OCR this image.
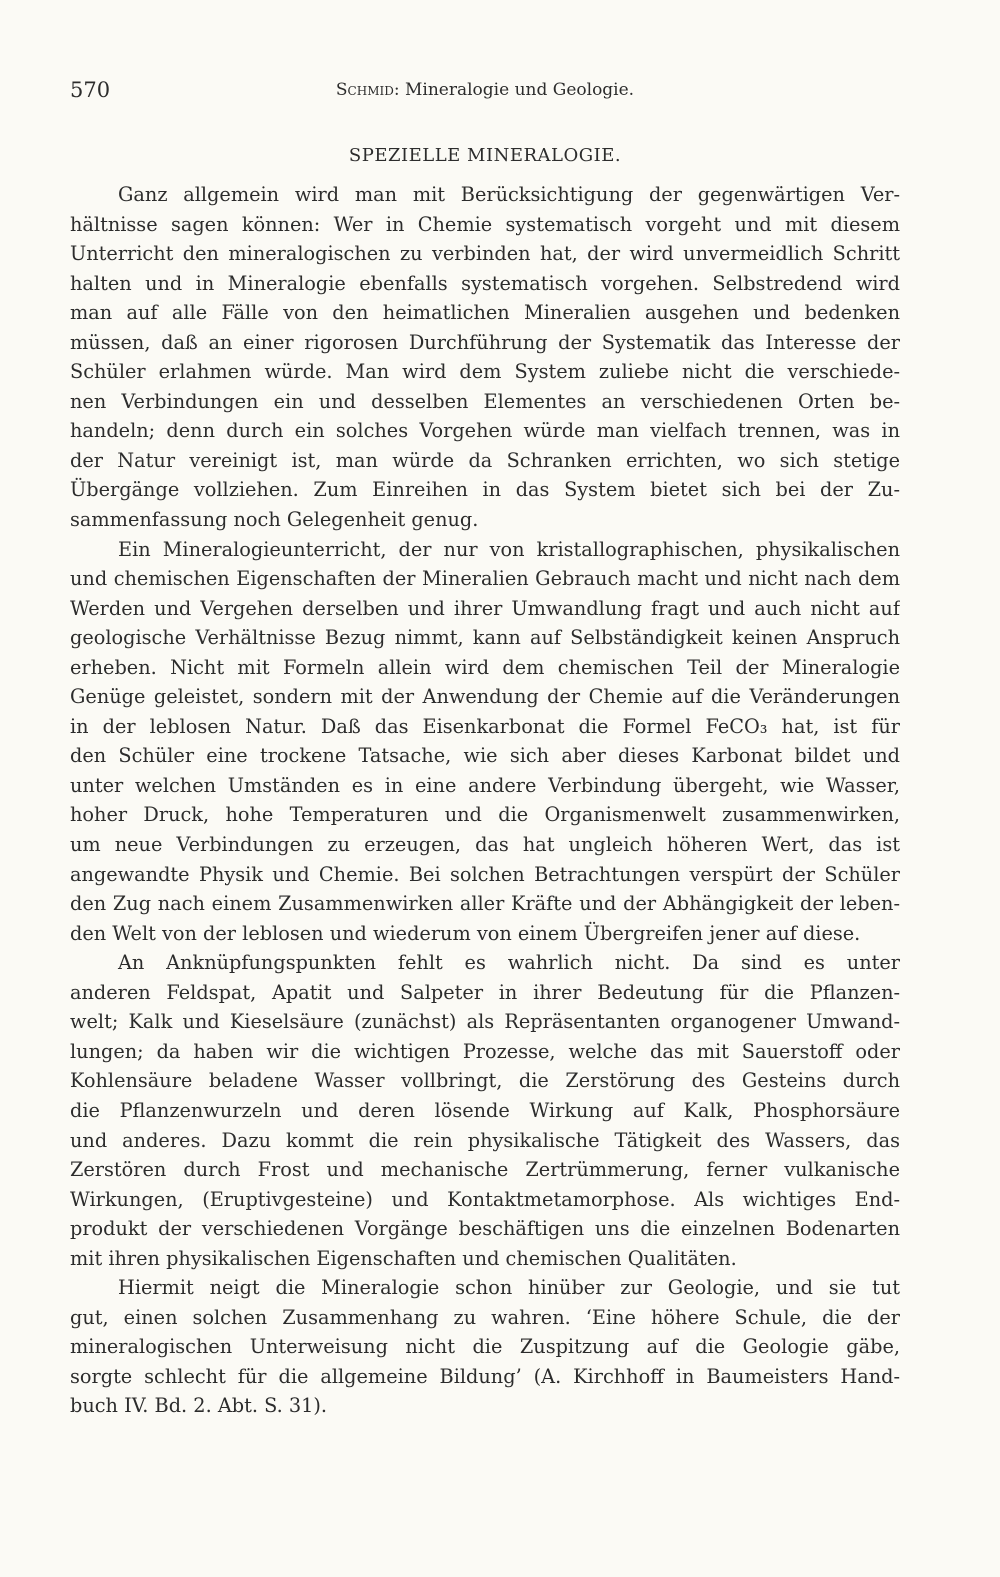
570	Schmid: Mineralogie und Geologie.
SPEZIELLE MINERALOGIE.
Ganz allgemein wird man mit Berücksichtigung der gegenwärtigen Ver-
hältnisse sagen können: Wer in Chemie systematisch vorgeht und mit diesem
Unterricht den mineralogischen zu verbinden hat, der wird unvermeidlich Schritt
halten und in Mineralogie ebenfalls systematisch vorgehen. Selbstredend wird
man auf alle Fälle von den heimatlichen Mineralien ausgehen und bedenken
müssen, daß an einer rigorosen Durchführung der Systematik das Interesse der
Schüler erlahmen würde. Man wird dem System zuliebe nicht die verschiede-
nen Verbindungen ein und desselben Elementes an verschiedenen Orten be-
handeln; denn durch ein solches Vorgehen würde man vielfach trennen, was in
der Natur vereinigt ist, man würde da Schranken errichten, wo sich stetige
Übergänge vollziehen. Zum Einreihen in das System bietet sich bei der Zu-
sammenfassung noch Gelegenheit genug.
Ein Mineralogieunterricht, der nur von kristallographischen, physikalischen
und chemischen Eigenschaften der Mineralien Gebrauch macht und nicht nach dem
Werden und Vergehen derselben und ihrer Umwandlung fragt und auch nicht auf
geologische Verhältnisse Bezug nimmt, kann auf Selbständigkeit keinen Anspruch
erheben. Nicht mit Formeln allein wird dem chemischen Teil der Mineralogie
Genüge geleistet, sondern mit der Anwendung der Chemie auf die Veränderungen
in der leblosen Natur. Daß das Eisenkarbonat die Formel FeCO₃ hat, ist für
den Schüler eine trockene Tatsache, wie sich aber dieses Karbonat bildet und
unter welchen Umständen es in eine andere Verbindung übergeht, wie Wasser,
hoher Druck, hohe Temperaturen und die Organismenwelt zusammenwirken,
um neue Verbindungen zu erzeugen, das hat ungleich höheren Wert, das ist
angewandte Physik und Chemie. Bei solchen Betrachtungen verspürt der Schüler
den Zug nach einem Zusammenwirken aller Kräfte und der Abhängigkeit der leben-
den Welt von der leblosen und wiederum von einem Übergreifen jener auf diese.
An Anknüpfungspunkten fehlt es wahrlich nicht. Da sind es unter
anderen Feldspat, Apatit und Salpeter in ihrer Bedeutung für die Pflanzen-
welt; Kalk und Kieselsäure (zunächst) als Repräsentanten organogener Umwand-
lungen; da haben wir die wichtigen Prozesse, welche das mit Sauerstoff oder
Kohlensäure beladene Wasser vollbringt, die Zerstörung des Gesteins durch
die Pflanzenwurzeln und deren lösende Wirkung auf Kalk, Phosphorsäure
und anderes. Dazu kommt die rein physikalische Tätigkeit des Wassers, das
Zerstören durch Frost und mechanische Zertrümmerung, ferner vulkanische
Wirkungen, (Eruptivgesteine) und Kontaktmetamorphose. Als wichtiges End-
produkt der verschiedenen Vorgänge beschäftigen uns die einzelnen Bodenarten
mit ihren physikalischen Eigenschaften und chemischen Qualitäten.
Hiermit neigt die Mineralogie schon hinüber zur Geologie, und sie tut
gut, einen solchen Zusammenhang zu wahren. ‘Eine höhere Schule, die der
mineralogischen Unterweisung nicht die Zuspitzung auf die Geologie gäbe,
sorgte schlecht für die allgemeine Bildung’ (A. Kirchhoff in Baumeisters Hand-
buch IV. Bd. 2. Abt. S. 31).
